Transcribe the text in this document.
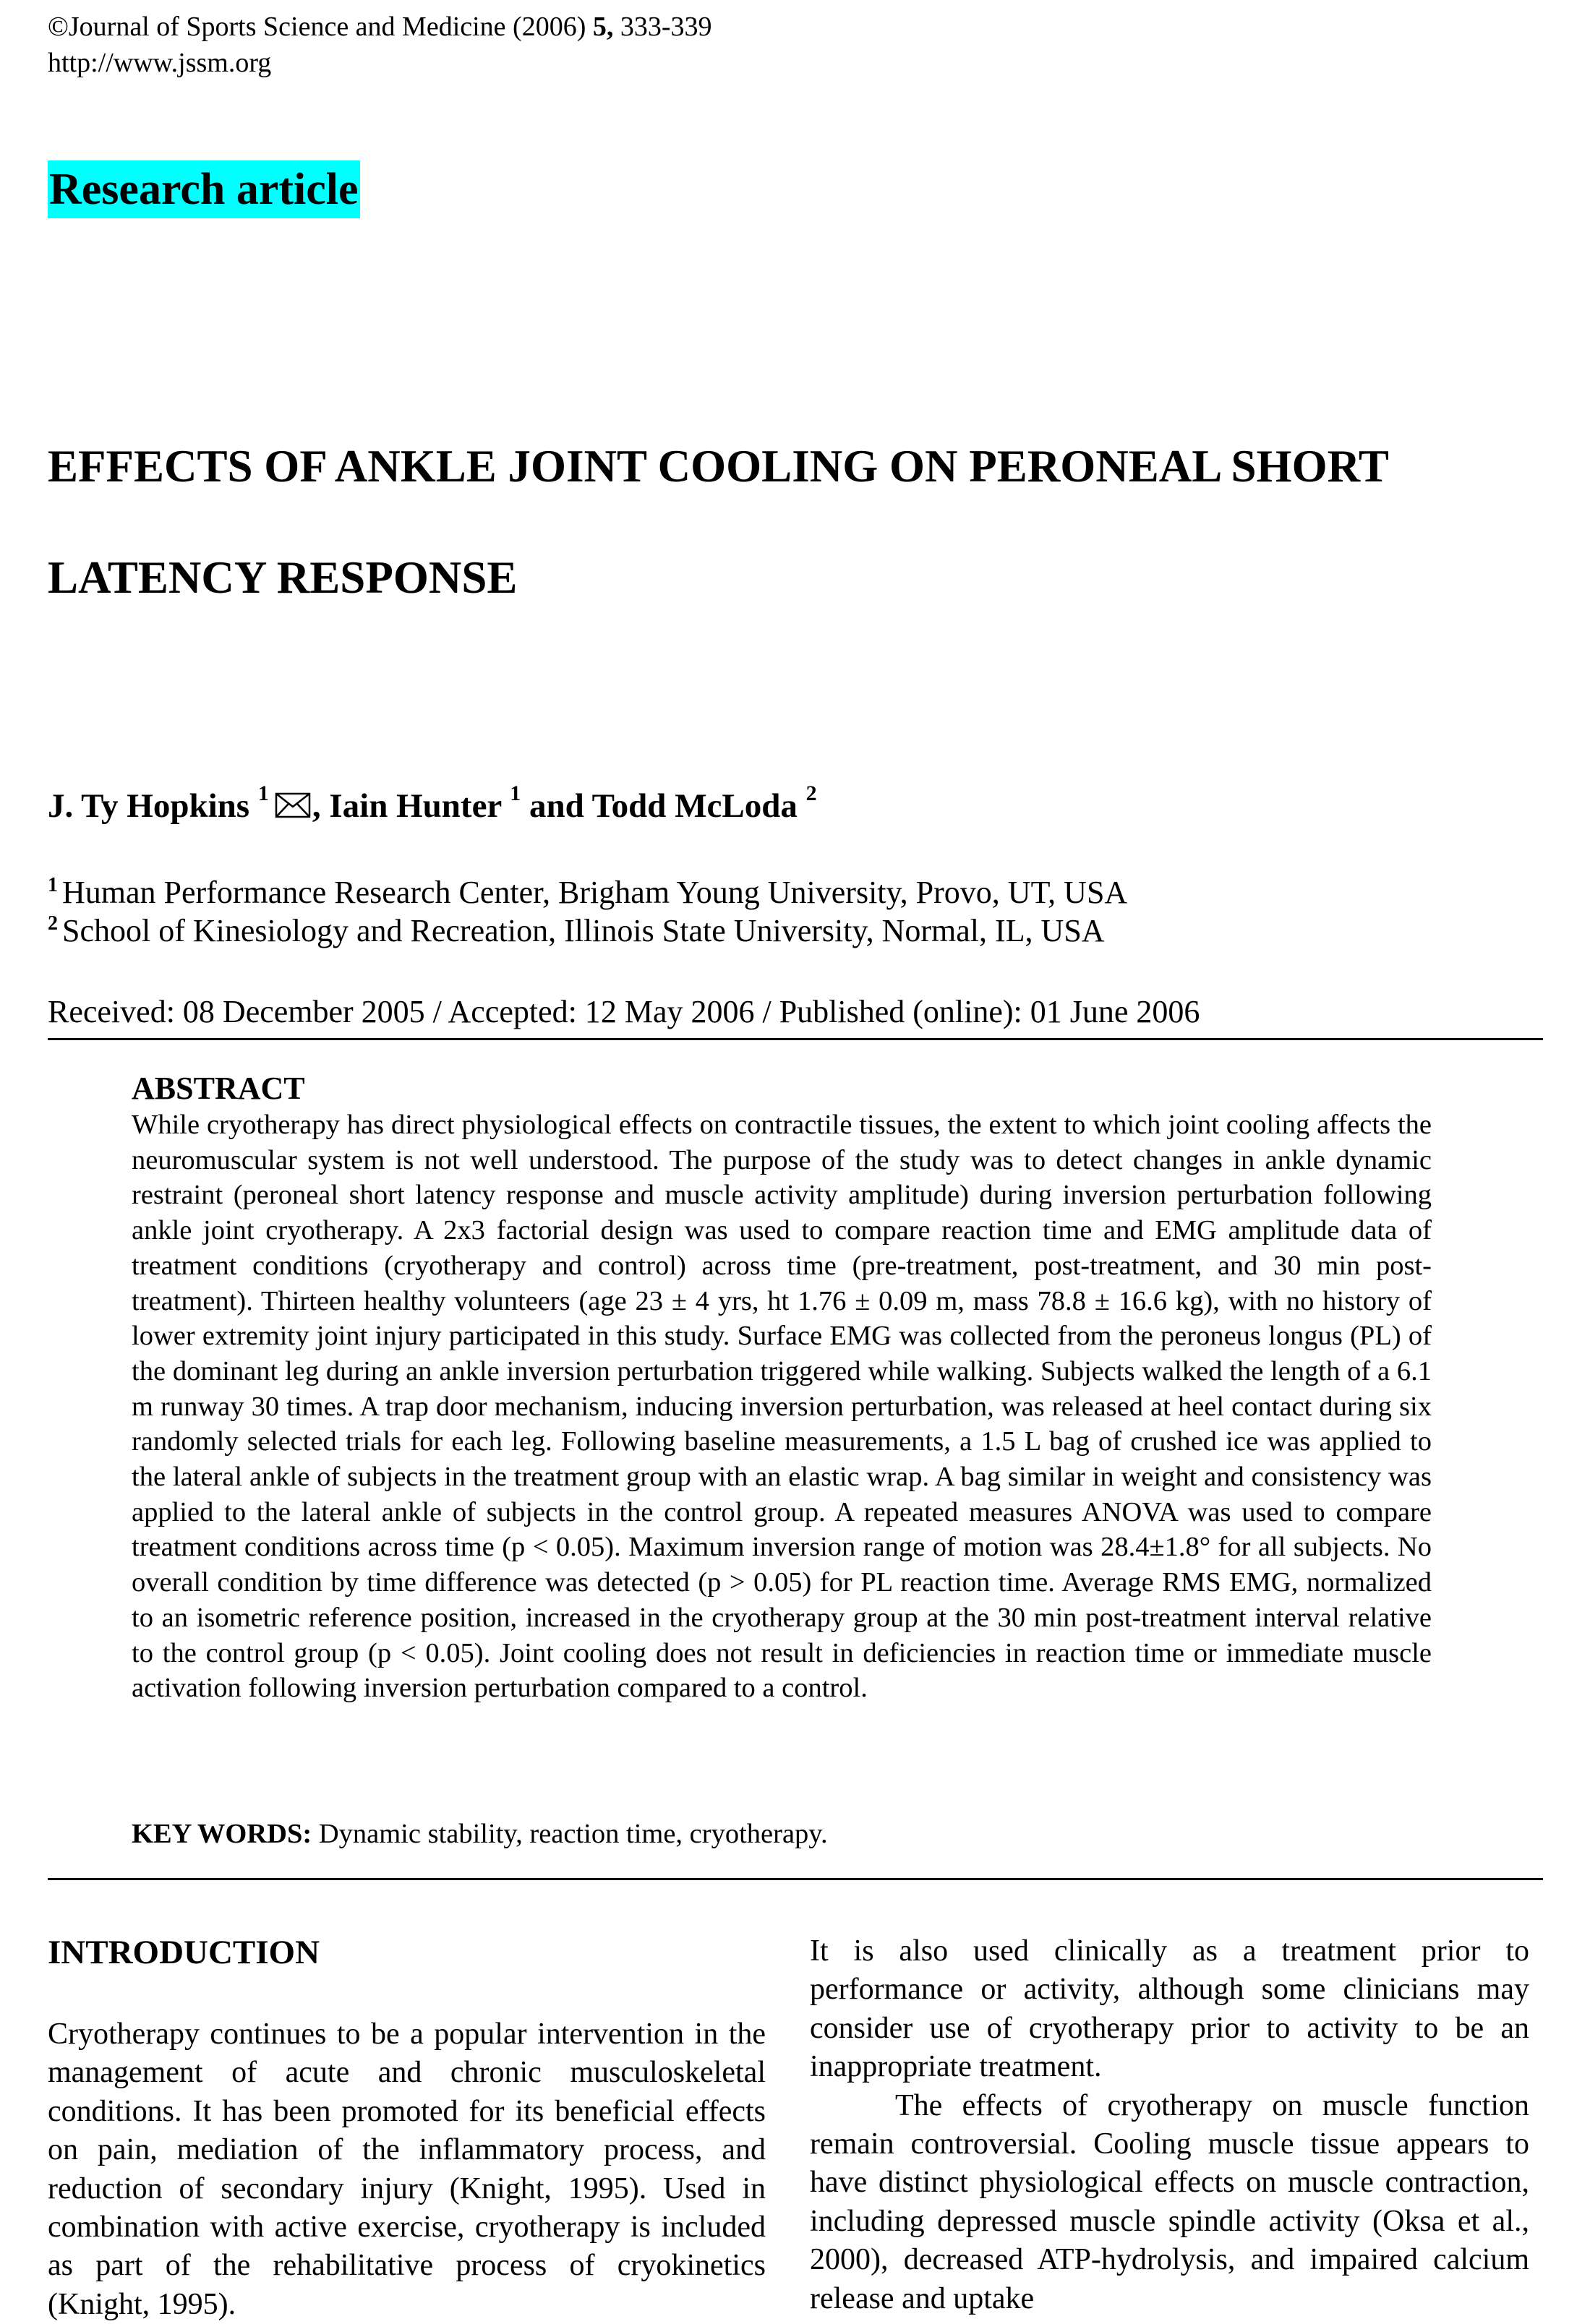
©Journal of Sports Science and Medicine (2006) 5, 333-339
http://www.jssm.org
Research article
EFFECTS OF ANKLE JOINT COOLING ON PERONEAL SHORT LATENCY RESPONSE
J. Ty Hopkins $^1$ , Iain Hunter $^1$ and Todd McLoda $^2$
$^1$ Human Performance Research Center, Brigham Young University, Provo, UT, USA
$^2$ School of Kinesiology and Recreation, Illinois State University, Normal, IL, USA
Received: 08 December 2005 / Accepted: 12 May 2006 / Published (online): 01 June 2006
ABSTRACT

While cryotherapy has direct physiological effects on contractile tissues, the extent to which joint cooling affects the neuromuscular system is not well understood. The purpose of the study was to detect changes in ankle dynamic restraint (peroneal short latency response and muscle activity amplitude) during inversion perturbation following ankle joint cryotherapy. A 2x3 factorial design was used to compare reaction time and EMG amplitude data of treatment conditions (cryotherapy and control) across time (pre-treatment, post-treatment, and 30 min post-treatment). Thirteen healthy volunteers (age 23 ± 4 yrs, ht 1.76 ± 0.09 m, mass 78.8 ± 16.6 kg), with no history of lower extremity joint injury participated in this study. Surface EMG was collected from the peroneus longus (PL) of the dominant leg during an ankle inversion perturbation triggered while walking. Subjects walked the length of a 6.1 m runway 30 times. A trap door mechanism, inducing inversion perturbation, was released at heel contact during six randomly selected trials for each leg. Following baseline measurements, a 1.5 L bag of crushed ice was applied to the lateral ankle of subjects in the treatment group with an elastic wrap. A bag similar in weight and consistency was applied to the lateral ankle of subjects in the control group. A repeated measures ANOVA was used to compare treatment conditions across time (p < 0.05). Maximum inversion range of motion was 28.4±1.8° for all subjects. No overall condition by time difference was detected (p > 0.05) for PL reaction time. Average RMS EMG, normalized to an isometric reference position, increased in the cryotherapy group at the 30 min post-treatment interval relative to the control group (p < 0.05). Joint cooling does not result in deficiencies in reaction time or immediate muscle activation following inversion perturbation compared to a control.

KEY WORDS: Dynamic stability, reaction time, cryotherapy.
INTRODUCTION

Cryotherapy continues to be a popular intervention in the management of acute and chronic musculoskeletal conditions. It has been promoted for its beneficial effects on pain, mediation of the inflammatory process, and reduction of secondary injury (Knight, 1995). Used in combination with active exercise, cryotherapy is included as part of the rehabilitative process of cryokinetics (Knight, 1995).

It is also used clinically as a treatment prior to performance or activity, although some clinicians may consider use of cryotherapy prior to activity to be an inappropriate treatment.

The effects of cryotherapy on muscle function remain controversial. Cooling muscle tissue appears to have distinct physiological effects on muscle contraction, including depressed muscle spindle activity (Oksa et al., 2000), decreased ATP-hydrolysis, and impaired calcium release and uptake
